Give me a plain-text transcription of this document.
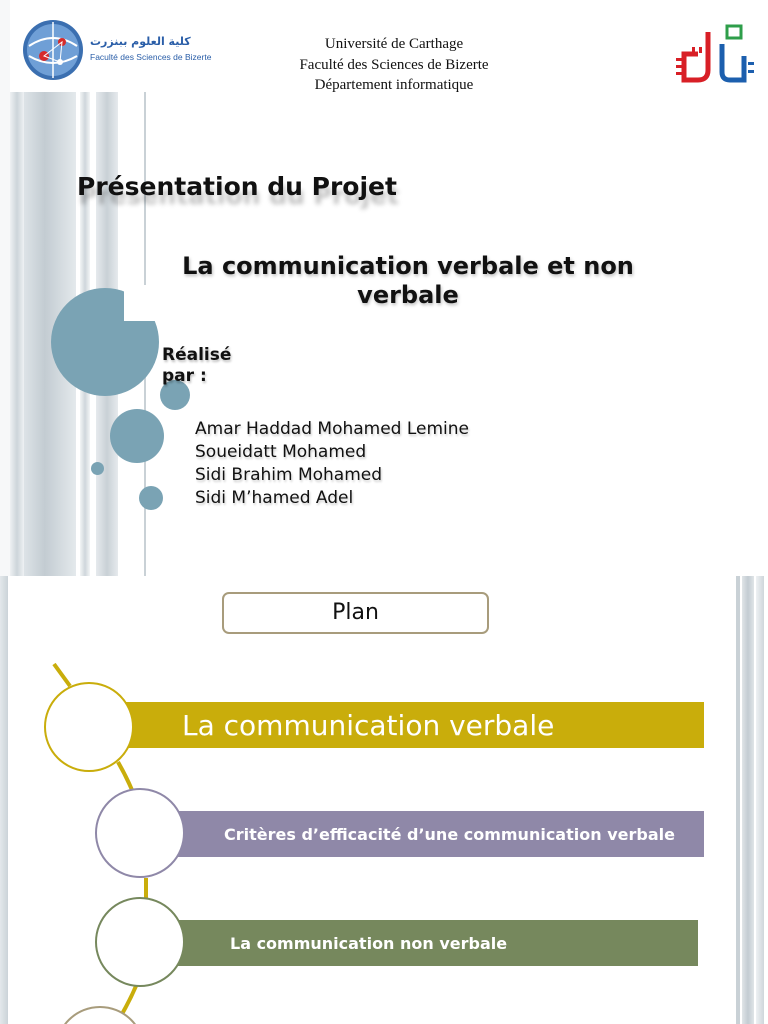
كلية العلوم ببنزرت
Faculté des Sciences de Bizerte
Université de Carthage
Faculté des Sciences de Bizerte
Département informatique
Présentation du Projet
La communication verbale et non verbale
Réalisé
par :
Amar Haddad Mohamed Lemine
Soueidatt Mohamed
Sidi Brahim Mohamed
Sidi M’hamed Adel
Plan
La communication verbale
Critères d’efficacité d’une communication verbale
La communication non verbale
